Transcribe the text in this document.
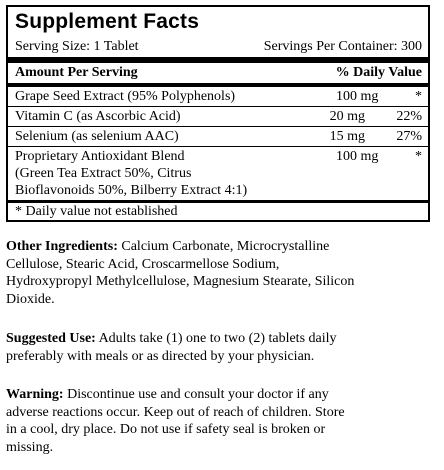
Supplement Facts
Serving Size: 1 Tablet	Servings Per Container: 300
Amount Per Serving	% Daily Value
Grape Seed Extract (95% Polyphenols)	100 mg	*
Vitamin C (as Ascorbic Acid)	20 mg 22%
Selenium (as selenium AAC)	15 mg 27%
Proprietary Antioxidant Blend
(Green Tea Extract 50%, Citrus
Bioflavonoids 50%, Bilberry Extract 4:1)
100 mg	*
* Daily value not established

Other Ingredients: Calcium Carbonate, Microcrystalline
Cellulose, Stearic Acid, Croscarmellose Sodium,
Hydroxypropyl Methylcellulose, Magnesium Stearate, Silicon
Dioxide.

Suggested Use: Adults take (1) one to two (2) tablets daily
preferably with meals or as directed by your physician.

Warning: Discontinue use and consult your doctor if any
adverse reactions occur. Keep out of reach of children. Store
in a cool, dry place. Do not use if safety seal is broken or
missing.
